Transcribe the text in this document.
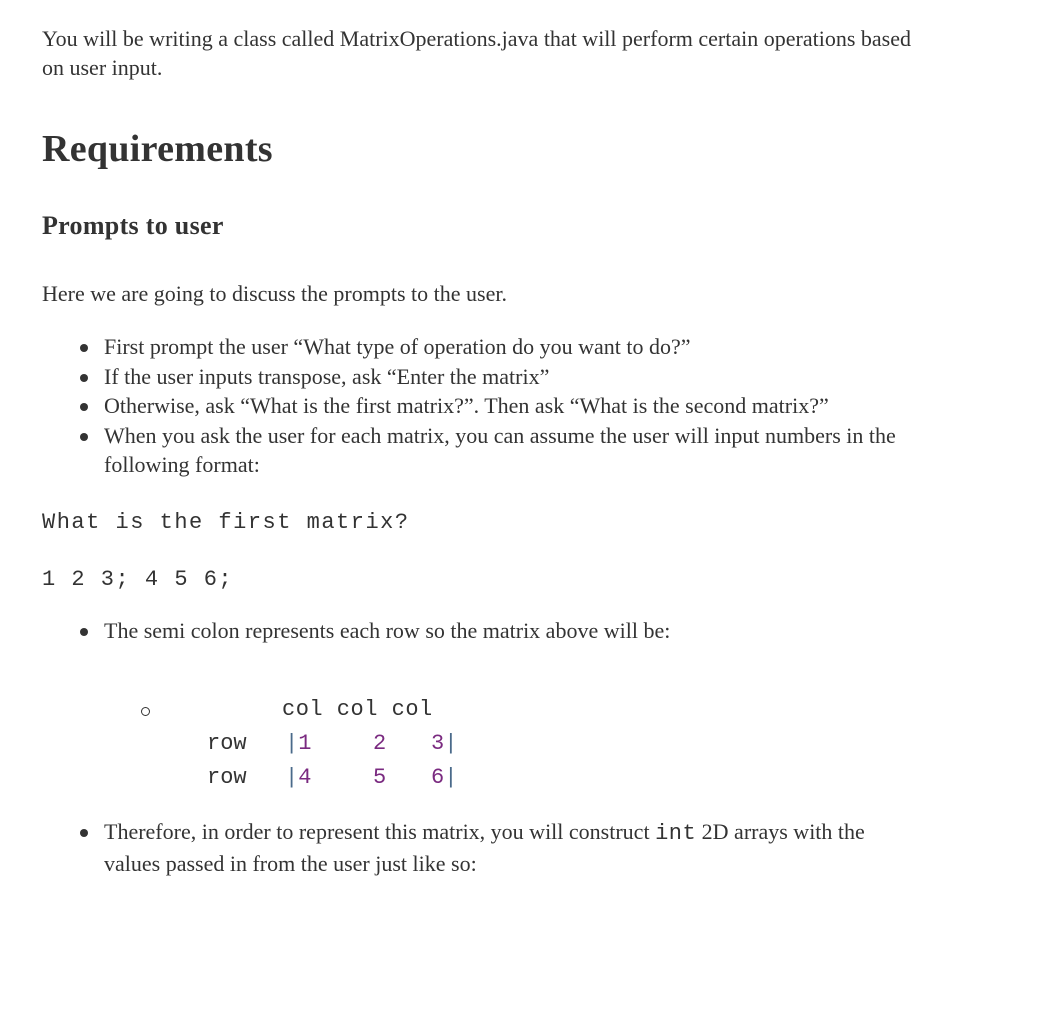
You will be writing a class called MatrixOperations.java that will perform certain operations based on user input.

Requirements
Prompts to user

Here we are going to discuss the prompts to the user.

First prompt the user “What type of operation do you want to do?”
If the user inputs transpose, ask “Enter the matrix”
Otherwise, ask “What is the first matrix?”. Then ask “What is the second matrix?”
When you ask the user for each matrix, you can assume the user will input numbers in the following format:
What is the first matrix?
1 2 3; 4 5 6;
The semi colon represents each row so the matrix above will be:
col col col
row	| 1	2	3 |
row	| 4	5	6 |
Therefore, in order to represent this matrix, you will construct int 2D arrays with the values passed in from the user just like so:
